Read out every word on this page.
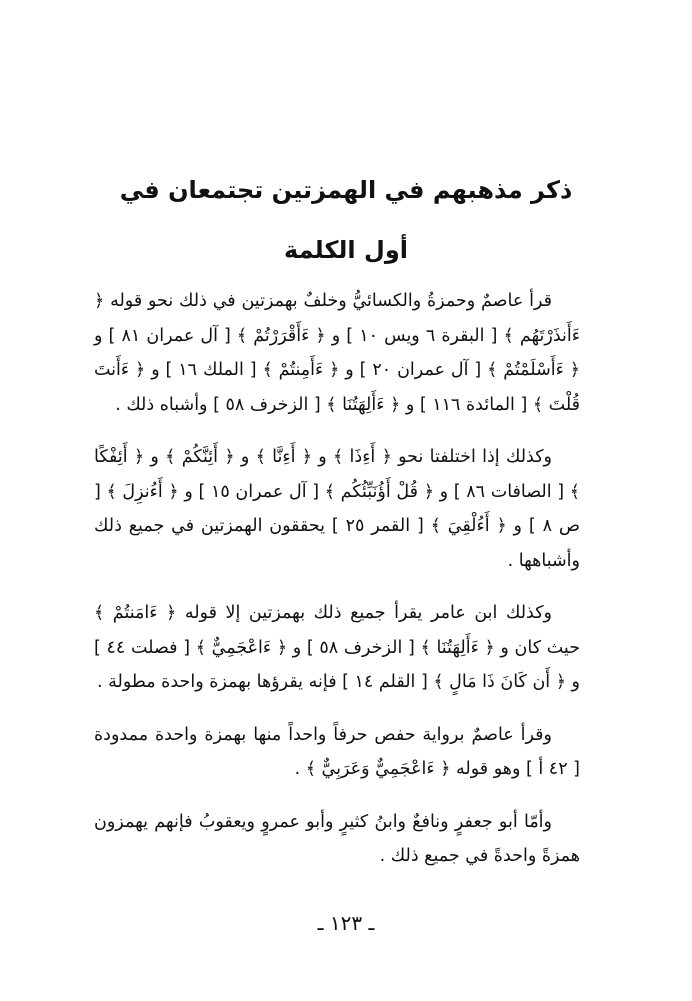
ذكر مذهبهم في الهمزتين تجتمعان في
أول الكلمة

قرأ عاصمٌ وحمزةُ والكسائيُّ وخلفٌ بهمزتين في ذلك نحو قوله ﴿ ءَأَنذَرْتَهُم ﴾ [ البقرة ٦ ويس ١٠ ] و ﴿ ءَأَقْرَرْتُمْ ﴾ [ آل عمران ٨١ ] و ﴿ ءَأَسْلَمْتُمْ ﴾ [ آل عمران ٢٠ ] و ﴿ ءَأَمِنتُمْ ﴾ [ الملك ١٦ ] و ﴿ ءَأَنتَ قُلْتَ ﴾ [ المائدة ١١٦ ] و ﴿ ءَأَلِهَتُنَا ﴾ [ الزخرف ٥٨ ] وأشباه ذلك .

وكذلك إذا اختلفتا نحو ﴿ أَءِذَا ﴾ و ﴿ أَءِنَّا ﴾ و ﴿ أَئِنَّكُمْ ﴾ و ﴿ أَئِفْكًا ﴾ [ الصافات ٨٦ ] و ﴿ قُلْ أَؤُنَبِّئُكُم ﴾ [ آل عمران ١٥ ] و ﴿ أَءُنزِلَ ﴾ [ ص ٨ ] و ﴿ أَءُلْقِيَ ﴾ [ القمر ٢٥ ] يحققون الهمزتين في جميع ذلك وأشباهها .

وكذلك ابن عامر يقرأ جميع ذلك بهمزتين إلا قوله ﴿ ءَامَنتُمْ ﴾ حيث كان و ﴿ ءَأَلِهَتُنَا ﴾ [ الزخرف ٥٨ ] و ﴿ ءَاعْجَمِيٌّ ﴾ [ فصلت ٤٤ ] و ﴿ أَن كَانَ ذَا مَالٍ ﴾ [ القلم ١٤ ] فإنه يقرؤها بهمزة واحدة مطولة .

وقرأ عاصمٌ برواية حفص حرفاً واحداً منها بهمزة واحدة ممدودة [ ٤٢ أ ] وهو قوله ﴿ ءَاعْجَمِيٌّ وَعَرَبِيٌّ ﴾ .

وأمّا أبو جعفرٍ ونافعٌ وابنُ كثيرٍ وأبو عمروٍ ويعقوبُ فإنهم يهمزون همزةً واحدةً في جميع ذلك .

ـ ١٢٣ ـ
